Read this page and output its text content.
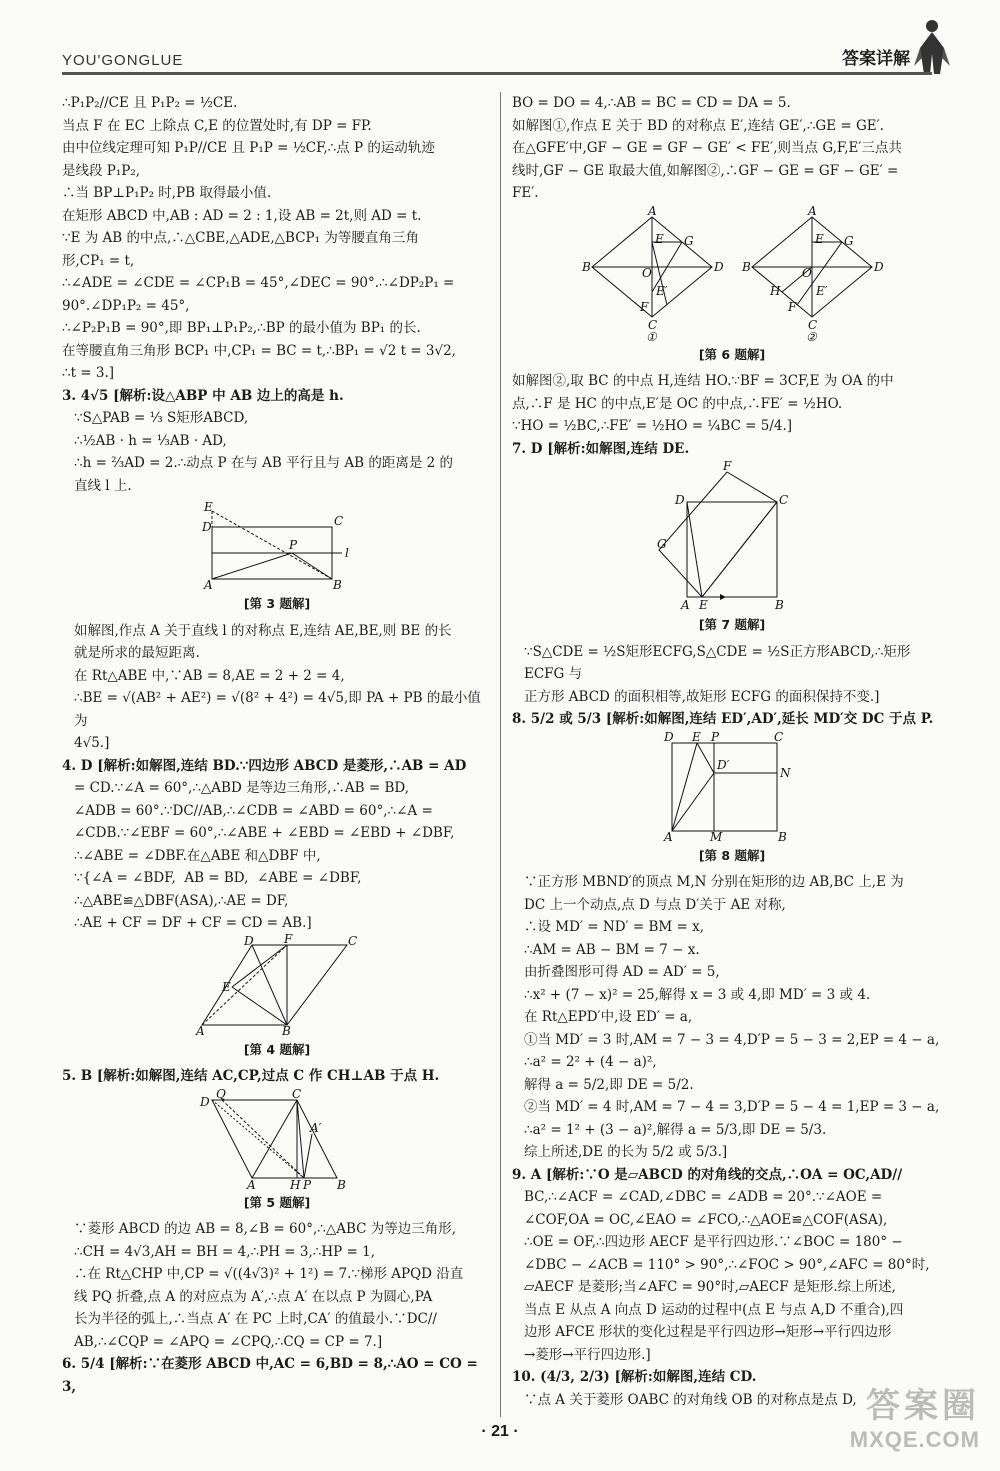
YOU'GONGLUE	答案详解

∴P₁P₂//CE 且 P₁P₂ = ½CE.

当点 F 在 EC 上除点 C,E 的位置处时,有 DP = FP.

由中位线定理可知 P₁P//CE 且 P₁P = ½CF,∴点 P 的运动轨迹

是线段 P₁P₂,

∴当 BP⊥P₁P₂ 时,PB 取得最小值.

在矩形 ABCD 中,AB : AD = 2 : 1,设 AB = 2t,则 AD = t.

∵E 为 AB 的中点,∴△CBE,△ADE,△BCP₁ 为等腰直角三角

形,CP₁ = t,

∴∠ADE = ∠CDE = ∠CP₁B = 45°,∠DEC = 90°.∴∠DP₂P₁ =

90°.∠DP₁P₂ = 45°,

∴∠P₂P₁B = 90°,即 BP₁⊥P₁P₂,∴BP 的最小值为 BP₁ 的长.

在等腰直角三角形 BCP₁ 中,CP₁ = BC = t,∴BP₁ = √2 t = 3√2,

∴t = 3.]

3. 4√5 [解析:设△ABP 中 AB 边上的高是 h.

∵S△PAB = ⅓ S矩形ABCD,

∴½AB · h = ⅓AB · AD,

∴h = ⅔AD = 2.∴动点 P 在与 AB 平行且与 AB 的距离是 2 的

直线 l 上.

E
D	C
P
l
A	B
[第 3 题解]

如解图,作点 A 关于直线 l 的对称点 E,连结 AE,BE,则 BE 的长

就是所求的最短距离.

在 Rt△ABE 中,∵AB = 8,AE = 2 + 2 = 4,

∴BE = √(AB² + AE²) = √(8² + 4²) = 4√5,即 PA + PB 的最小值为

4√5.]

4. D [解析:如解图,连结 BD.∵四边形 ABCD 是菱形,∴AB = AD

= CD.∵∠A = 60°,∴△ABD 是等边三角形,∴AB = BD,

∠ADB = 60°.∵DC//AB,∴∠CDB = ∠ABD = 60°,∴∠A =

∠CDB.∵∠EBF = 60°,∴∠ABE + ∠EBD = ∠EBD + ∠DBF,

∴∠ABE = ∠DBF.在△ABE 和△DBF 中,

∵{∠A = ∠BDF,  AB = BD,  ∠ABE = ∠DBF,  ∴△ABE≌△DBF(ASA),∴AE = DF,

∴AE + CF = DF + CF = CD = AB.]

D	F	C
E
A	B
[第 4 题解]

5. B [解析:如解图,连结 AC,CP,过点 C 作 CH⊥AB 于点 H.

Q	C
D
A′
A	H P B
[第 5 题解]

∵菱形 ABCD 的边 AB = 8,∠B = 60°,∴△ABC 为等边三角形,

∴CH = 4√3,AH = BH = 4,∴PH = 3,∴HP = 1,

∴在 Rt△CHP 中,CP = √((4√3)² + 1²) = 7.∵梯形 APQD 沿直

线 PQ 折叠,点 A 的对应点为 A′,∴点 A′ 在以点 P 为圆心,PA

长为半径的弧上,∴当点 A′ 在 PC 上时,CA′ 的值最小.∵DC//

AB,∴∠CQP = ∠APQ = ∠CPQ,∴CQ = CP = 7.]

6. 5/4 [解析:∵在菱形 ABCD 中,AC = 6,BD = 8,∴AO = CO = 3,

BO = DO = 4,∴AB = BC = CD = DA = 5.

如解图①,作点 E 关于 BD 的对称点 E′,连结 GE′,∴GE = GE′.

在△GFE′中,GF − GE = GF − GE′ < FE′,则当点 G,F,E′三点共

线时,GF − GE 取最大值,如解图②,∴GF − GE = GF − GE′ =

FE′.

A
B	D
C
E G
O
E′
F
①
A
B	D
C
E G
O
H	E′
F
②
[第 6 题解]

如解图②,取 BC 的中点 H,连结 HO.∵BF = 3CF,E 为 OA 的中

点,∴F 是 HC 的中点,E′是 OC 的中点,∴FE′ = ½HO.

∵HO = ½BC,∴FE′ = ½HO = ¼BC = 5/4.]

7. D [解析:如解图,连结 DE.

F
D	C
G
A E	B
[第 7 题解]

∵S△CDE = ½S矩形ECFG,S△CDE = ½S正方形ABCD,∴矩形 ECFG 与

正方形 ABCD 的面积相等,故矩形 ECFG 的面积保持不变.]

8. 5/2 或 5/3 [解析:如解图,连结 ED′,AD′,延长 MD′交 DC 于点 P.

D E P	C
D′
N
A	M	B
[第 8 题解]

∵正方形 MBND′的顶点 M,N 分别在矩形的边 AB,BC 上,E 为

DC 上一个动点,点 D 与点 D′关于 AE 对称,

∴设 MD′ = ND′ = BM = x,

∴AM = AB − BM = 7 − x.

由折叠图形可得 AD = AD′ = 5,

∴x² + (7 − x)² = 25,解得 x = 3 或 4,即 MD′ = 3 或 4.

在 Rt△EPD′中,设 ED′ = a,

①当 MD′ = 3 时,AM = 7 − 3 = 4,D′P = 5 − 3 = 2,EP = 4 − a,

∴a² = 2² + (4 − a)²,

解得 a = 5/2,即 DE = 5/2.

②当 MD′ = 4 时,AM = 7 − 4 = 3,D′P = 5 − 4 = 1,EP = 3 − a,

∴a² = 1² + (3 − a)²,解得 a = 5/3,即 DE = 5/3.

综上所述,DE 的长为 5/2 或 5/3.]

9. A [解析:∵O 是▱ABCD 的对角线的交点,∴OA = OC,AD//

BC,∴∠ACF = ∠CAD,∠DBC = ∠ADB = 20°.∵∠AOE =

∠COF,OA = OC,∠EAO = ∠FCO,∴△AOE≌△COF(ASA),

∴OE = OF,∴四边形 AECF 是平行四边形.∵∠BOC = 180° −

∠DBC − ∠ACB = 110° > 90°,∴∠FOC > 90°,∠AFC = 80°时,

▱AECF 是菱形;当∠AFC = 90°时,▱AECF 是矩形.综上所述,

当点 E 从点 A 向点 D 运动的过程中(点 E 与点 A,D 不重合),四

边形 AFCE 形状的变化过程是平行四边形→矩形→平行四边形

→菱形→平行四边形.]

10. (4/3, 2/3) [解析:如解图,连结 CD.

∵点 A 关于菱形 OABC 的对角线 OB 的对称点是点 D,

· 21 ·
答案圈
MXQE.COM
